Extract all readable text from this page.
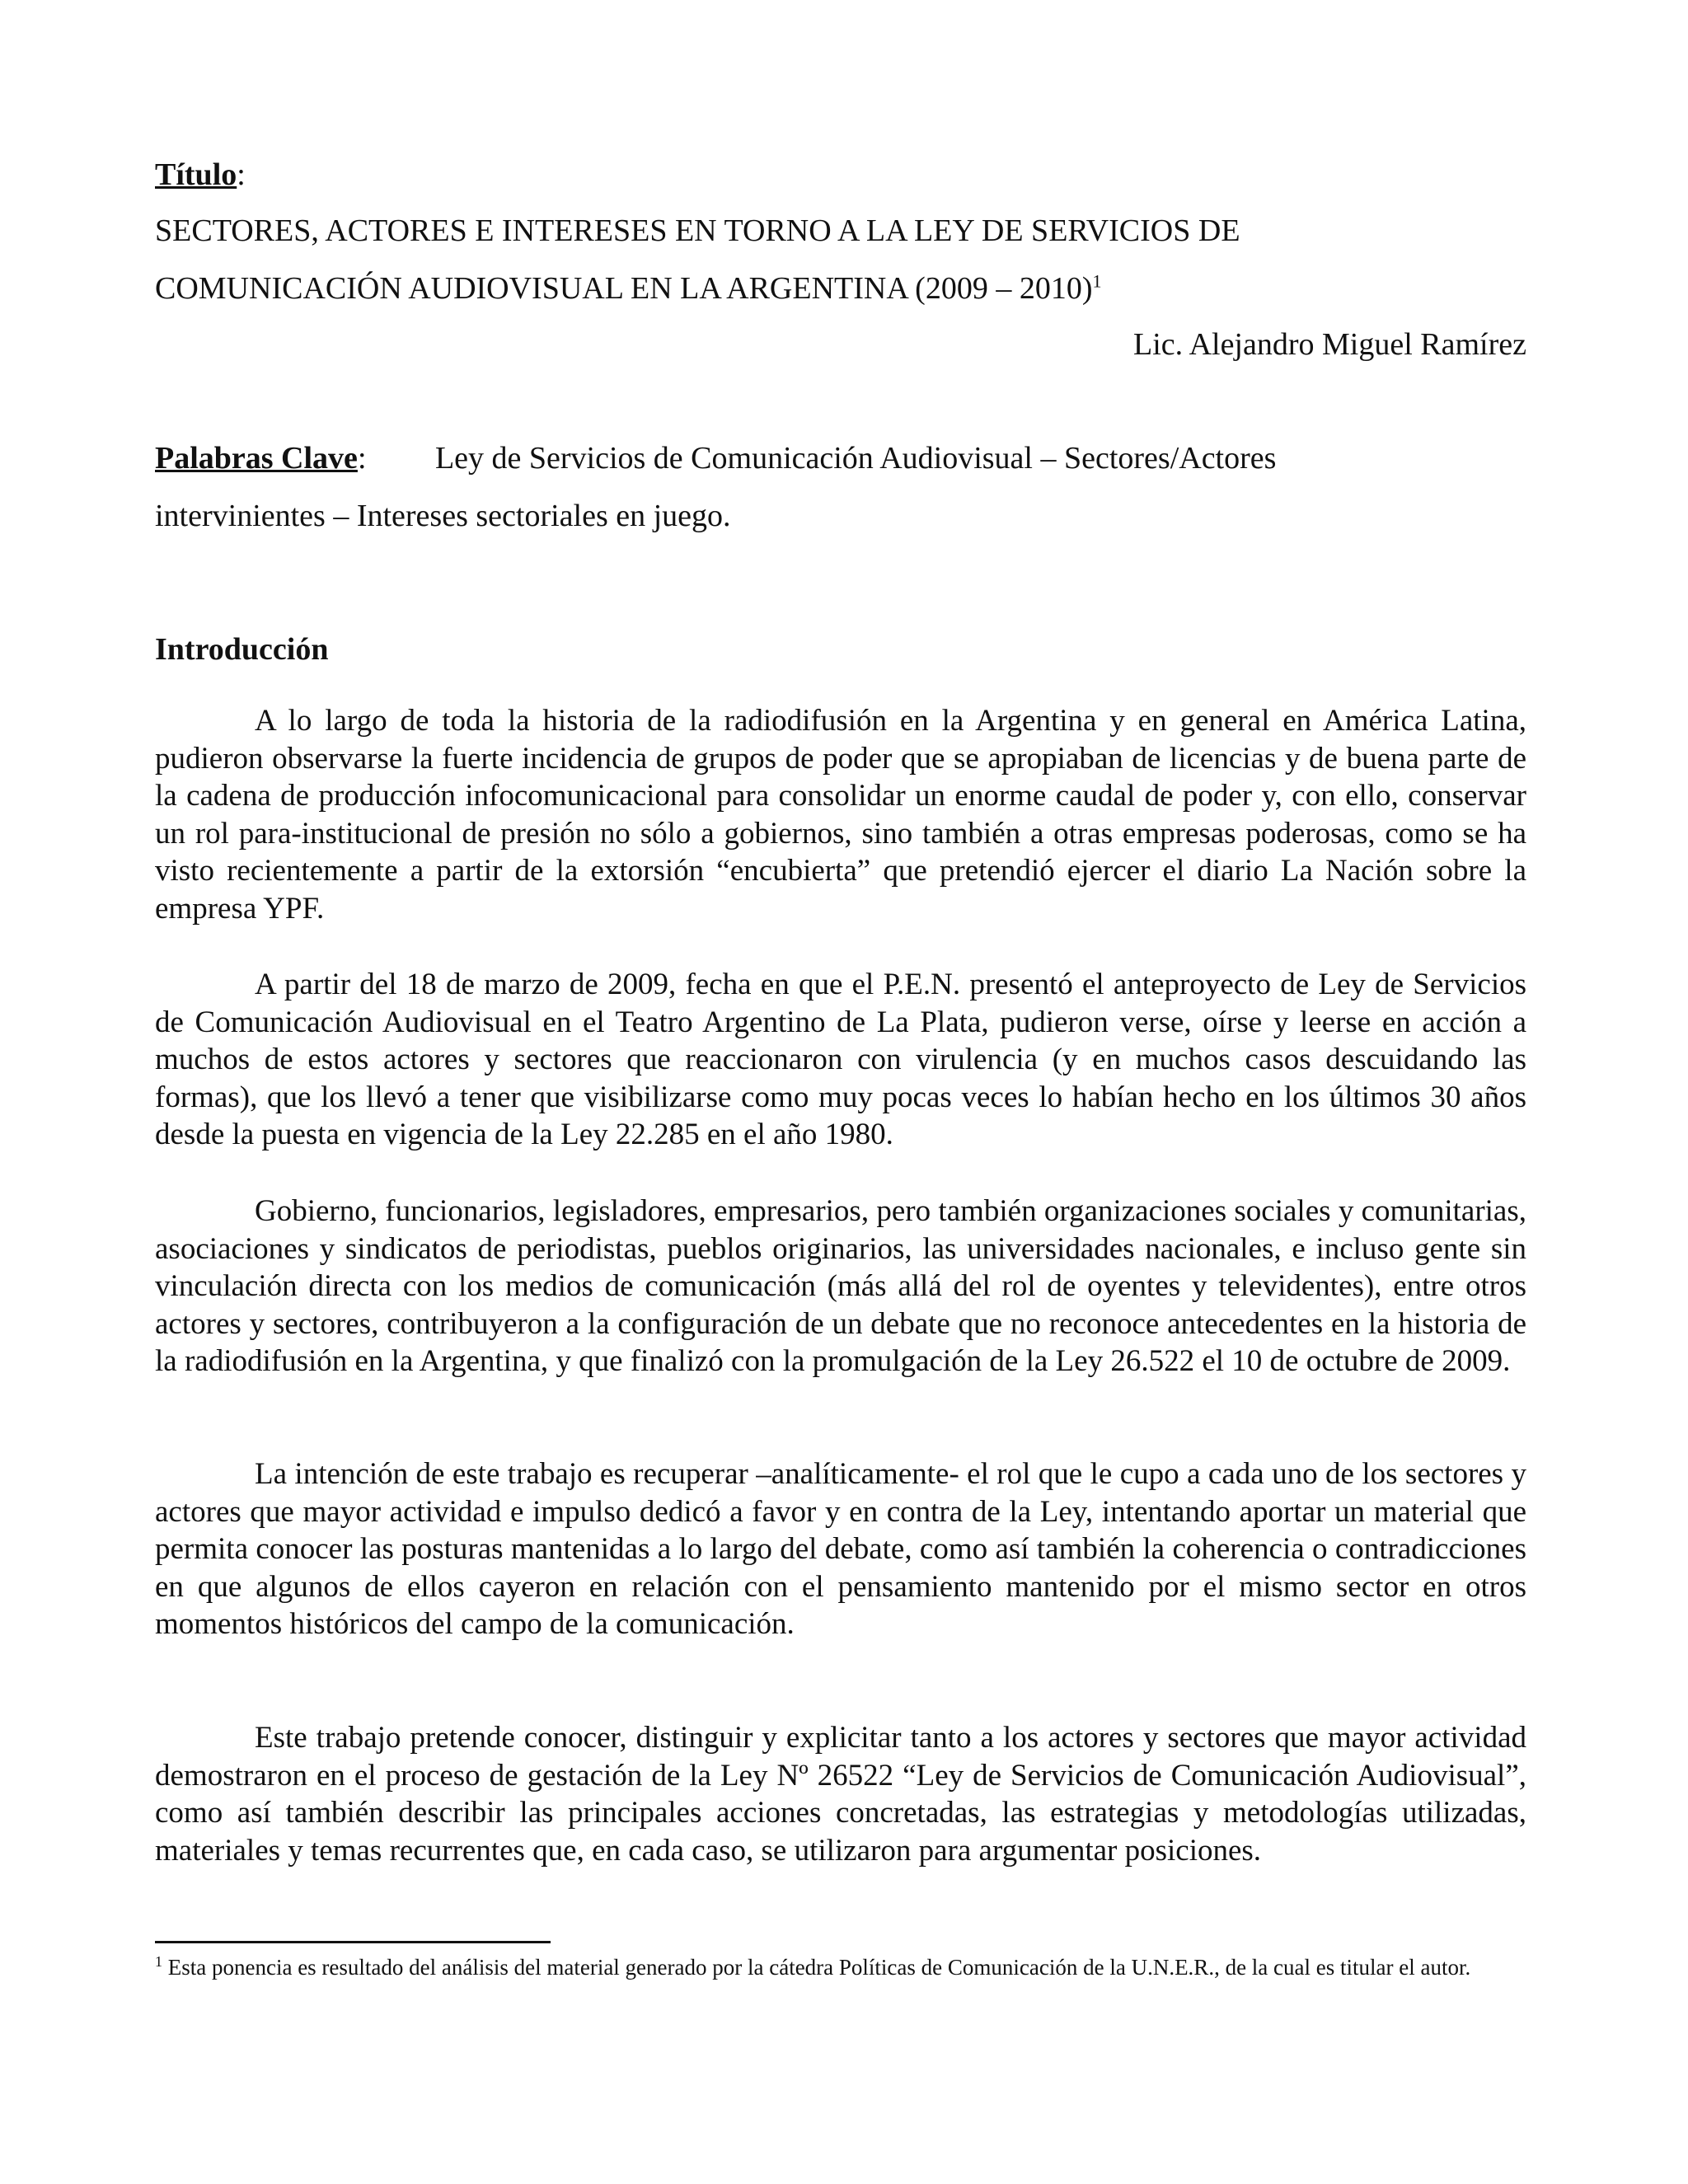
Título:
SECTORES, ACTORES E INTERESES EN TORNO A LA LEY DE SERVICIOS DE
COMUNICACIÓN AUDIOVISUAL EN LA ARGENTINA (2009 – 2010)$^1$
Lic. Alejandro Miguel Ramírez
Palabras Clave: Ley de Servicios de Comunicación Audiovisual – Sectores/Actores
intervinientes – Intereses sectoriales en juego.
Introducción

A lo largo de toda la historia de la radiodifusión en la Argentina y en general en América Latina, pudieron observarse la fuerte incidencia de grupos de poder que se apropiaban de licencias y de buena parte de la cadena de producción infocomunicacional para consolidar un enorme caudal de poder y, con ello, conservar un rol para-institucional de presión no sólo a gobiernos, sino también a otras empresas poderosas, como se ha visto recientemente a partir de la extorsión “encubierta” que pretendió ejercer el diario La Nación sobre la empresa YPF.

A partir del 18 de marzo de 2009, fecha en que el P.E.N. presentó el anteproyecto de Ley de Servicios de Comunicación Audiovisual en el Teatro Argentino de La Plata, pudieron verse, oírse y leerse en acción a muchos de estos actores y sectores que reaccionaron con virulencia (y en muchos casos descuidando las formas), que los llevó a tener que visibilizarse como muy pocas veces lo habían hecho en los últimos 30 años desde la puesta en vigencia de la Ley 22.285 en el año 1980.

Gobierno, funcionarios, legisladores, empresarios, pero también organizaciones sociales y comunitarias, asociaciones y sindicatos de periodistas, pueblos originarios, las universidades nacionales, e incluso gente sin vinculación directa con los medios de comunicación (más allá del rol de oyentes y televidentes), entre otros actores y sectores, contribuyeron a la configuración de un debate que no reconoce antecedentes en la historia de la radiodifusión en la Argentina, y que finalizó con la promulgación de la Ley 26.522 el 10 de octubre de 2009.

La intención de este trabajo es recuperar –analíticamente- el rol que le cupo a cada uno de los sectores y actores que mayor actividad e impulso dedicó a favor y en contra de la Ley, intentando aportar un material que permita conocer las posturas mantenidas a lo largo del debate, como así también la coherencia o contradicciones en que algunos de ellos cayeron en relación con el pensamiento mantenido por el mismo sector en otros momentos históricos del campo de la comunicación.

Este trabajo pretende conocer, distinguir y explicitar tanto a los actores y sectores que mayor actividad demostraron en el proceso de gestación de la Ley Nº 26522 “Ley de Servicios de Comunicación Audiovisual”, como así también describir las principales acciones concretadas, las estrategias y metodologías utilizadas, materiales y temas recurrentes que, en cada caso, se utilizaron para argumentar posiciones.

$^1$ Esta ponencia es resultado del análisis del material generado por la cátedra Políticas de Comunicación de la U.N.E.R., de la cual es titular el autor.
